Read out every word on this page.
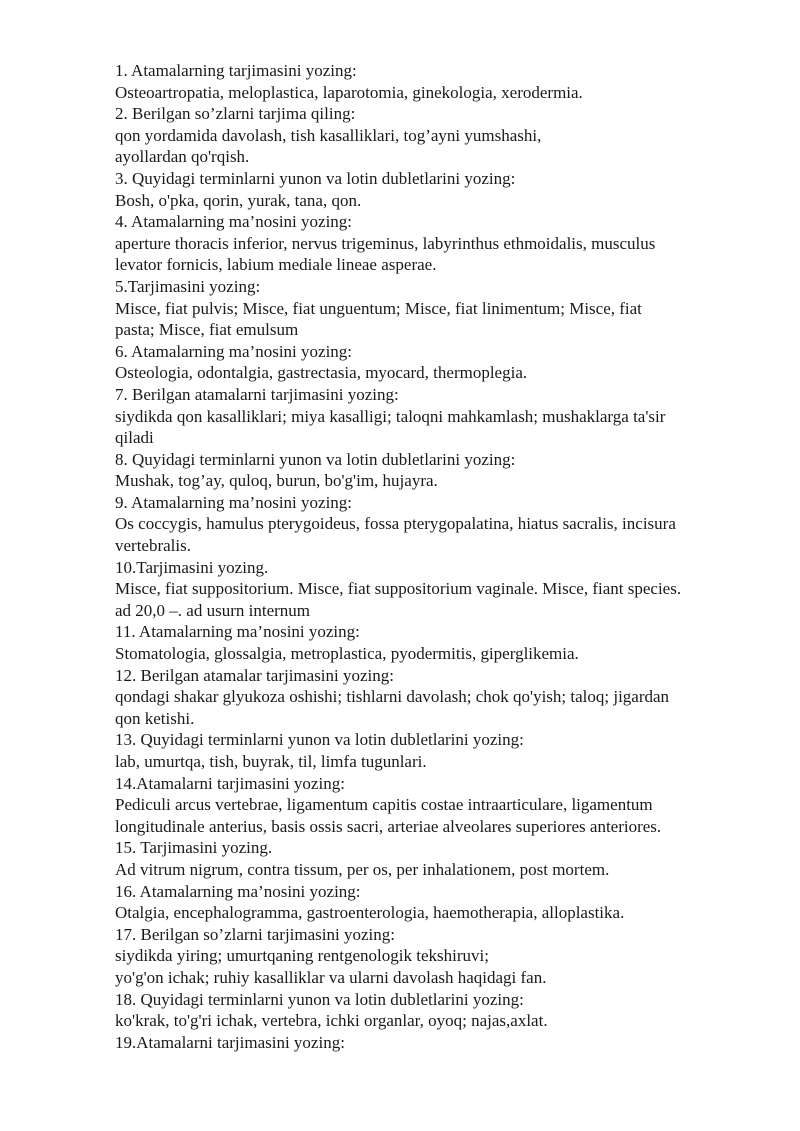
1. Atamalarning tarjimasini yozing:
Osteoartropatia, meloplastica, laparotomia, ginekologia, xerodermia.
2. Berilgan so’zlarni tarjima qiling:
qon yordamida davolash, tish kasalliklari, tog’ayni yumshashi,
ayollardan qo'rqish.
3. Quyidagi terminlarni yunon va lotin dubletlarini yozing:
Bosh, o'pka, qorin, yurak, tana, qon.
4. Atamalarning ma’nosini yozing:
aperture thoracis inferior, nervus trigeminus, labyrinthus ethmoidalis, musculus
levator fornicis, labium mediale lineae asperae.
5.Tarjimasini yozing:
Misce, fiat pulvis; Misce, fiat unguentum; Misce, fiat linimentum; Misce, fiat
pasta; Misce, fiat emulsum
6. Atamalarning ma’nosini yozing:
Osteologia, odontalgia, gastrectasia, myocard, thermoplegia.
7. Berilgan atamalarni tarjimasini yozing:
siydikda qon kasalliklari; miya kasalligi; taloqni mahkamlash; mushaklarga ta'sir
qiladi
8. Quyidagi terminlarni yunon va lotin dubletlarini yozing:
Mushak, tog’ay, quloq, burun, bo'g'im, hujayra.
9. Atamalarning ma’nosini yozing:
Os coccygis, hamulus pterygoideus, fossa pterygopalatina, hiatus sacralis, incisura
vertebralis.
10.Tarjimasini yozing.
Misce, fiat suppositorium. Misce, fiat suppositorium vaginale. Misce, fiant species.
ad 20,0 –. ad usurn internum
11. Atamalarning ma’nosini yozing:
Stomatologia, glossalgia, metroplastica, pyodermitis, giperglikemia.
12. Berilgan atamalar tarjimasini yozing:
qondagi shakar glyukoza oshishi; tishlarni davolash; chok qo'yish; taloq; jigardan
qon ketishi.
13. Quyidagi terminlarni yunon va lotin dubletlarini yozing:
lab, umurtqa, tish, buyrak, til, limfa tugunlari.
14.Atamalarni tarjimasini yozing:
Pediculi arcus vertebrae, ligamentum capitis costae intraarticulare, ligamentum
longitudinale anterius, basis ossis sacri, arteriae alveolares superiores anteriores.
15. Tarjimasini yozing.
Ad vitrum nigrum, contra tissum, per os, per inhalationem, post mortem.
16. Atamalarning ma’nosini yozing:
Otalgia, encephalogramma, gastroenterologia, haemotherapia, alloplastika.
17. Berilgan so’zlarni tarjimasini yozing:
siydikda yiring; umurtqaning rentgenologik tekshiruvi;
yo'g'on ichak; ruhiy kasalliklar va ularni davolash haqidagi fan.
18. Quyidagi terminlarni yunon va lotin dubletlarini yozing:
ko'krak, to'g'ri ichak, vertebra, ichki organlar, oyoq; najas,axlat.
19.Atamalarni tarjimasini yozing:
